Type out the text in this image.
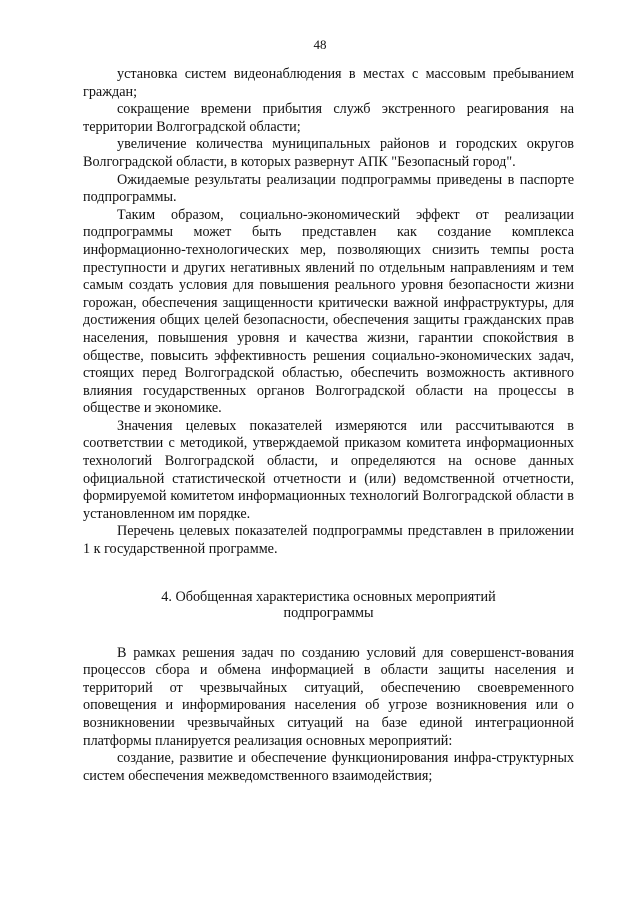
48

установка систем видеонаблюдения в местах с массовым пребыванием граждан;

сокращение времени прибытия служб экстренного реагирования на территории Волгоградской области;

увеличение количества муниципальных районов и городских округов Волгоградской области, в которых развернут АПК "Безопасный город".

Ожидаемые результаты реализации подпрограммы приведены в паспорте подпрограммы.

Таким образом, социально-экономический эффект от реализации подпрограммы может быть представлен как создание комплекса информационно-технологических мер, позволяющих снизить темпы роста преступности и других негативных явлений по отдельным направлениям и тем самым создать условия для повышения реального уровня безопасности жизни горожан, обеспечения защищенности критически важной инфраструктуры, для достижения общих целей безопасности, обеспечения защиты гражданских прав населения, повышения уровня и качества жизни, гарантии спокойствия в обществе, повысить эффективность решения социально-экономических задач, стоящих перед Волгоградской областью, обеспечить возможность активного влияния государственных органов Волгоградской области на процессы в обществе и экономике.

Значения целевых показателей измеряются или рассчитываются в соответствии с методикой, утверждаемой приказом комитета информационных технологий Волгоградской области, и определяются на основе данных официальной статистической отчетности и (или) ведомственной отчетности, формируемой комитетом информационных технологий Волгоградской области в установленном им порядке.

Перечень целевых показателей подпрограммы представлен в приложении 1 к государственной программе.

4. Обобщенная характеристика основных мероприятий
подпрограммы

В рамках решения задач по созданию условий для совершенст-вования процессов сбора и обмена информацией в области защиты населения и территорий от чрезвычайных ситуаций, обеспечению своевременного оповещения и информирования населения об угрозе возникновения или о возникновении чрезвычайных ситуаций на базе единой интеграционной платформы планируется реализация основных мероприятий:

создание, развитие и обеспечение функционирования инфра-структурных систем обеспечения межведомственного взаимодействия;
